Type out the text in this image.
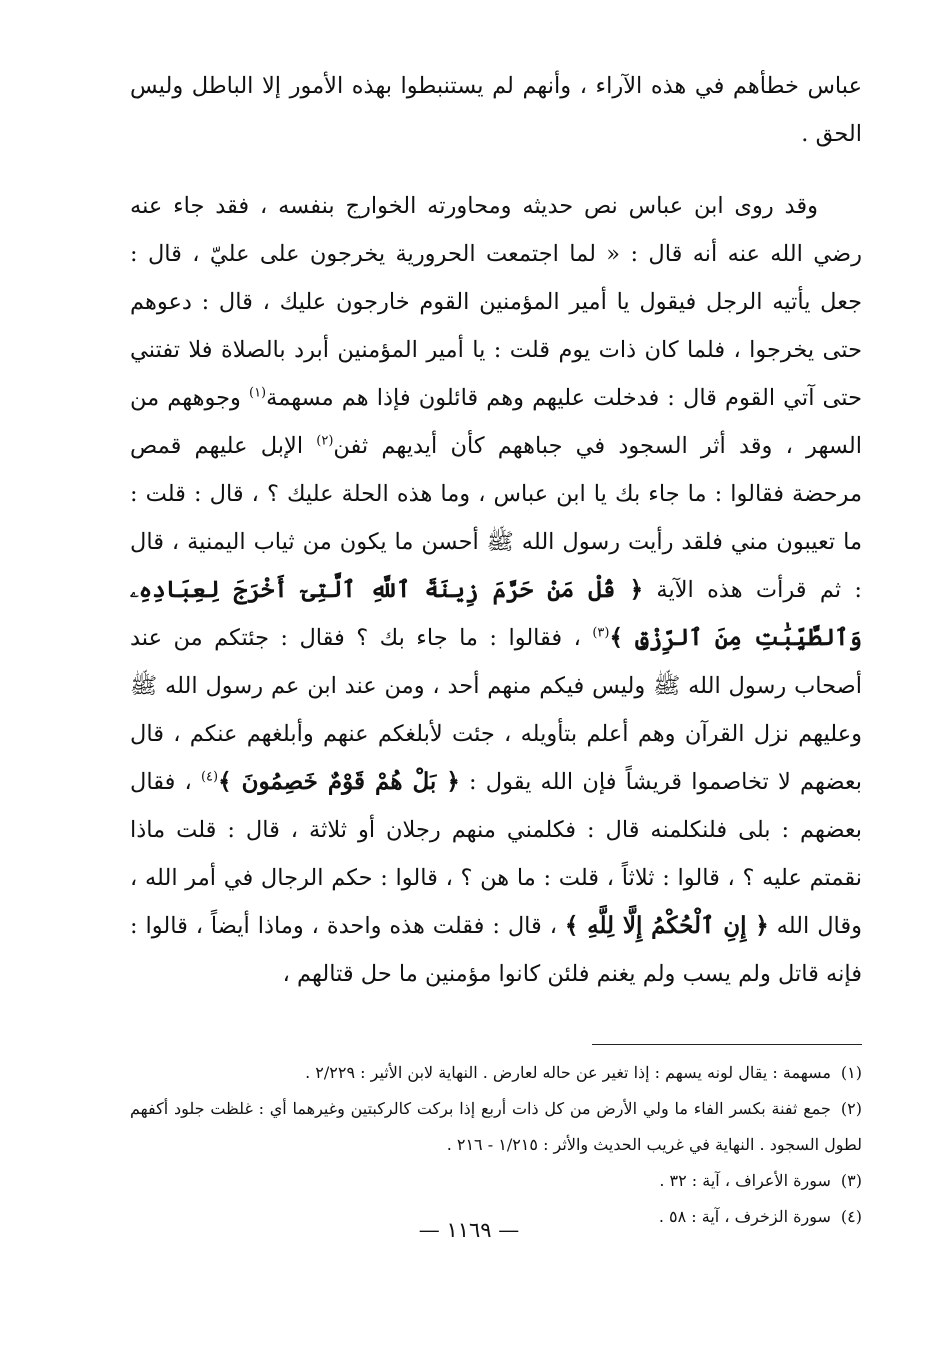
عباس خطأهم في هذه الآراء ، وأنهم لم يستنبطوا بهذه الأمور إلا الباطل وليس الحق .

وقد روى ابن عباس نص حديثه ومحاورته الخوارج بنفسه ، فقد جاء عنه رضي الله عنه أنه قال : « لما اجتمعت الحرورية يخرجون على عليّ ، قال : جعل يأتيه الرجل فيقول يا أمير المؤمنين القوم خارجون عليك ، قال : دعوهم حتى يخرجوا ، فلما كان ذات يوم قلت : يا أمير المؤمنين أبرد بالصلاة فلا تفتني حتى آتي القوم قال : فدخلت عليهم وهم قائلون فإذا هم مسهمة$^{(١)}$ وجوههم من السهر ، وقد أثر السجود في جباههم كأن أيديهم ثفن$^{(٢)}$ الإبل عليهم قمص مرحضة فقالوا : ما جاء بك يا ابن عباس ، وما هذه الحلة عليك ؟ ، قال : قلت : ما تعيبون مني فلقد رأيت رسول الله ﷺ أحسن ما يكون من ثياب اليمنية ، قال : ثم قرأت هذه الآية ﴿ قُلْ مَنْ حَرَّمَ زِينَةَ ٱللَّهِ ٱلَّتِىٓ أَخْرَجَ لِعِبَادِهِۦ وَٱلطَّيِّبَٰتِ مِنَ ٱلرِّزْقِ ﴾$^{(٣)}$ ، فقالوا : ما جاء بك ؟ فقال : جئتكم من عند أصحاب رسول الله ﷺ وليس فيكم منهم أحد ، ومن عند ابن عم رسول الله ﷺ وعليهم نزل القرآن وهم أعلم بتأويله ، جئت لأبلغكم عنهم وأبلغهم عنكم ، قال بعضهم لا تخاصموا قريشاً فإن الله يقول : ﴿ بَلْ هُمْ قَوْمٌ خَصِمُونَ ﴾$^{(٤)}$ ، فقال بعضهم : بلى فلنكلمنه قال : فكلمني منهم رجلان أو ثلاثة ، قال : قلت ماذا نقمتم عليه ؟ ، قالوا : ثلاثاً ، قلت : ما هن ؟ ، قالوا : حكم الرجال في أمر الله ، وقال الله ﴿ إِنِ ٱلْحُكْمُ إِلَّا لِلَّهِ ﴾ ، قال : فقلت هذه واحدة ، وماذا أيضاً ، قالوا : فإنه قاتل ولم يسب ولم يغنم فلئن كانوا مؤمنين ما حل قتالهم ،

(١)مسهمة : يقال لونه يسهم : إذا تغير عن حاله لعارض . النهاية لابن الأثير : ٢/٢٢٩ .
(٢)جمع ثفنة بكسر الفاء ما ولي الأرض من كل ذات أربع إذا بركت كالركبتين وغيرهما أي : غلظت جلود أكفهم لطول السجود . النهاية في غريب الحديث والأثر : ١/٢١٥ - ٢١٦ .
(٣)سورة الأعراف ، آية : ٣٢ .
(٤)سورة الزخرف ، آية : ٥٨ .
— ١١٦٩ —
